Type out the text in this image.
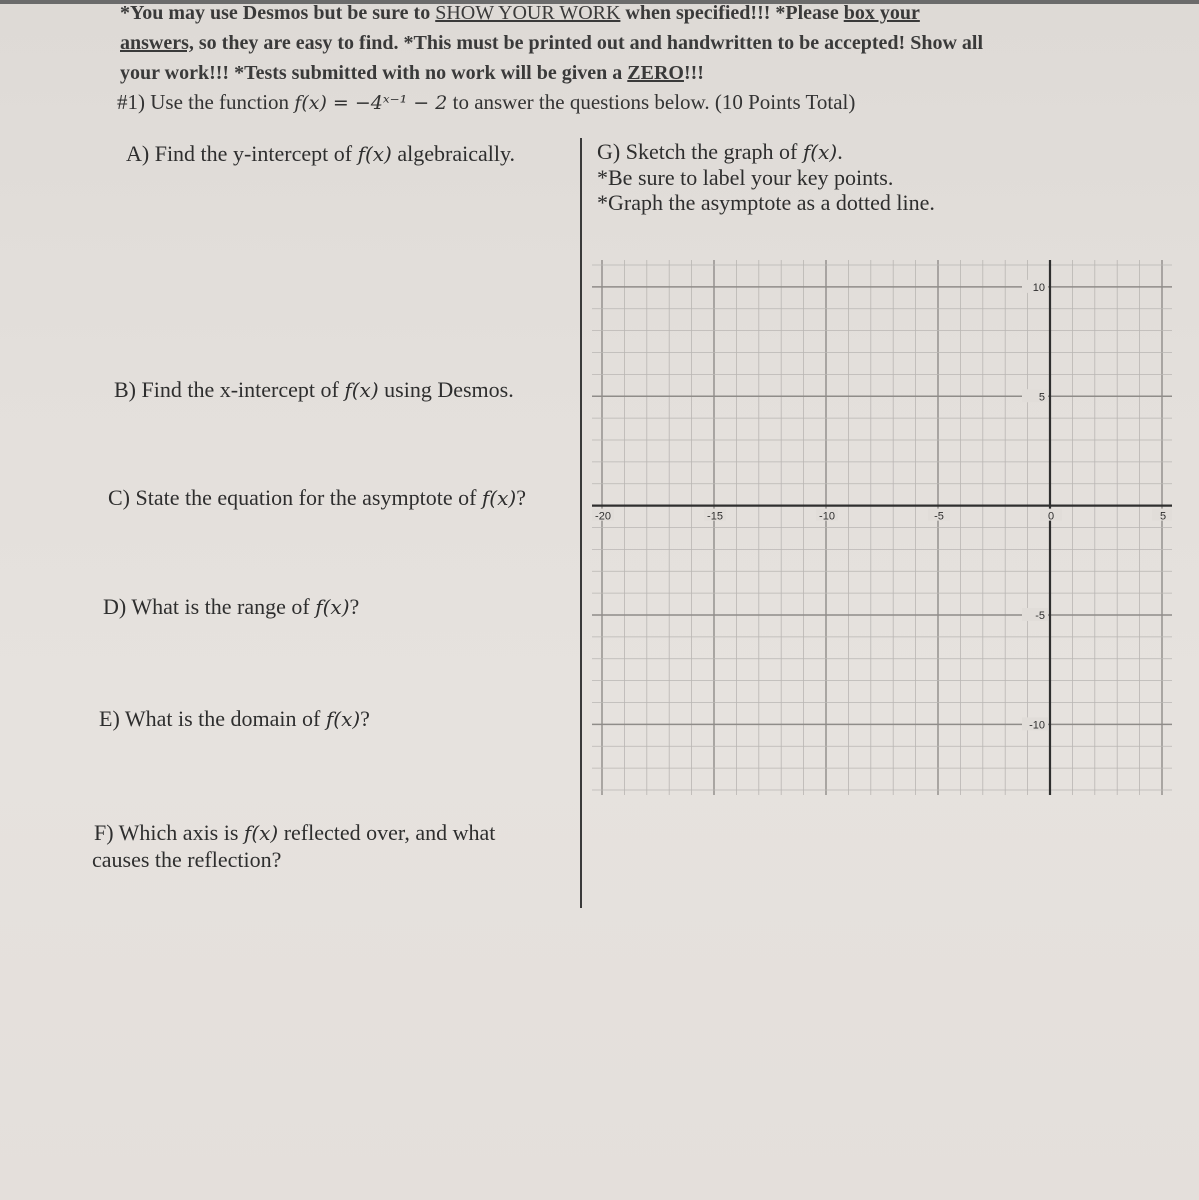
*You may use Desmos but be sure to SHOW YOUR WORK when specified!!! *Please box your
answers, so they are easy to find. *This must be printed out and handwritten to be accepted! Show all
your work!!! *Tests submitted with no work will be given a ZERO!!!
#1) Use the function f(x) = −4ˣ⁻¹ − 2 to answer the questions below. (10 Points Total)
A) Find the y-intercept of f(x) algebraically.
B) Find the x-intercept of f(x) using Desmos.
C) State the equation for the asymptote of f(x)?
D) What is the range of f(x)?
E) What is the domain of f(x)?
F) Which axis is f(x) reflected over, and what
causes the reflection?
G) Sketch the graph of f(x).
*Be sure to label your key points.
*Graph the asymptote as a dotted line.
-20	-15	-10	-5	0	5
10
5
-5
-10
